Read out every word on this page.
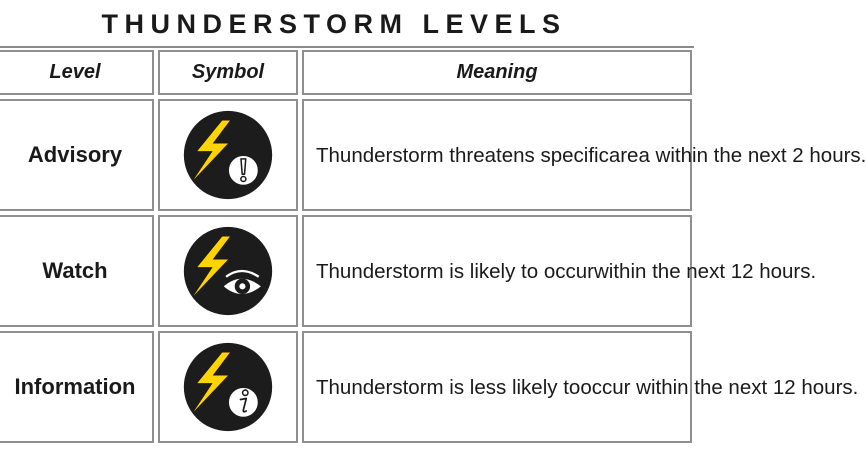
THUNDERSTORM LEVELS
Level	Symbol	Meaning
Advisory	Thunderstorm threatens specific area within the next 2 hours.
Watch	Thunderstorm is likely to occur within the next 12 hours.
Information	Thunderstorm is less likely to occur within the next 12 hours.
